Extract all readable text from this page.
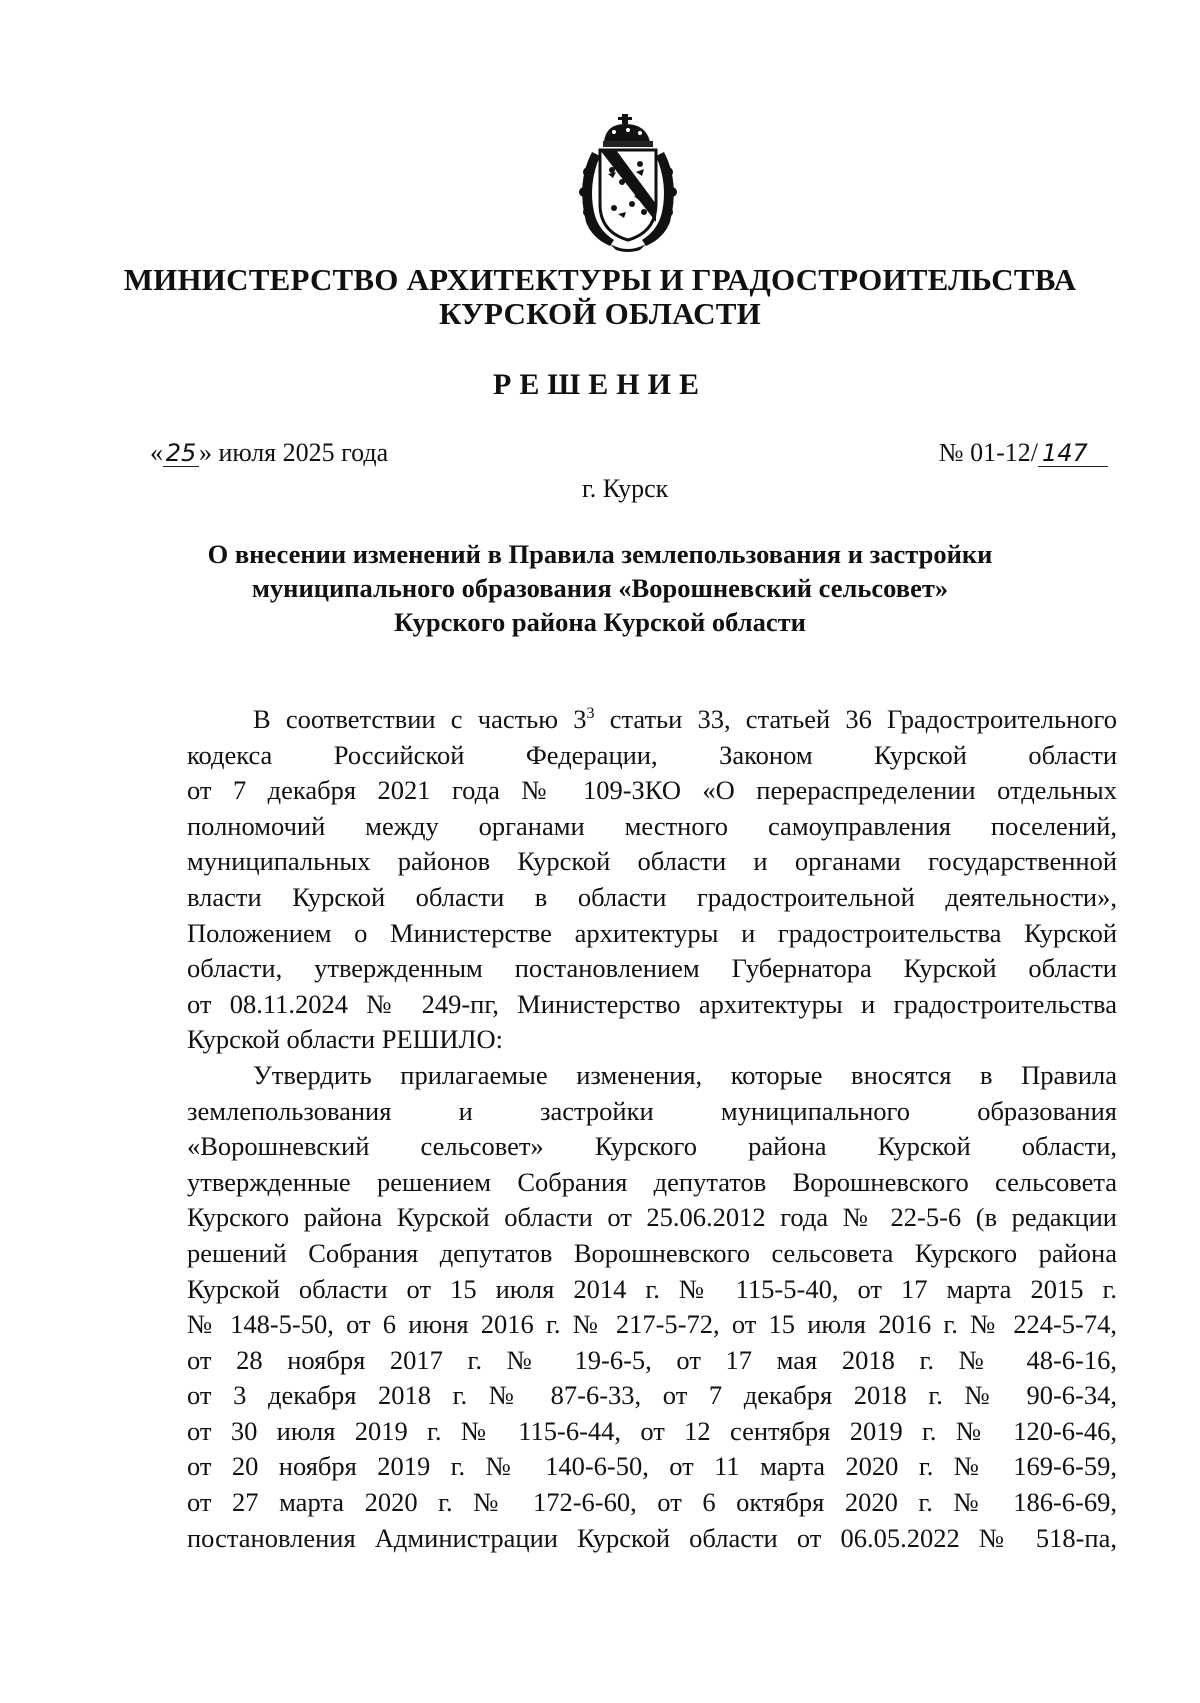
МИНИСТЕРСТВО АРХИТЕКТУРЫ И ГРАДОСТРОИТЕЛЬСТВА
КУРСКОЙ ОБЛАСТИ
РЕШЕНИЕ
« 25 » июля 2025 года	№ 01-12/ 147
г. Курск
О внесении изменений в Правила землепользования и застройки
муниципального образования «Ворошневский сельсовет»
Курского района Курской области
В соответствии с частью $3^3$ статьи 33, статьей 36 Градостроительного
кодекса Российской Федерации, Законом Курской области
от 7 декабря 2021 года № 109-ЗКО «О перераспределении отдельных
полномочий между органами местного самоуправления поселений,
муниципальных районов Курской области и органами государственной
власти Курской области в области градостроительной деятельности»,
Положением о Министерстве архитектуры и градостроительства Курской
области, утвержденным постановлением Губернатора Курской области
от 08.11.2024 № 249-пг, Министерство архитектуры и градостроительства
Курской области РЕШИЛО:
Утвердить прилагаемые изменения, которые вносятся в Правила
землепользования и застройки муниципального образования
«Ворошневский сельсовет» Курского района Курской области,
утвержденные решением Собрания депутатов Ворошневского сельсовета
Курского района Курской области от 25.06.2012 года № 22-5-6 (в редакции
решений Собрания депутатов Ворошневского сельсовета Курского района
Курской области от 15 июля 2014 г. № 115-5-40, от 17 марта 2015 г.
№ 148-5-50, от 6 июня 2016 г. № 217-5-72, от 15 июля 2016 г. № 224-5-74,
от 28 ноября 2017 г. № 19-6-5, от 17 мая 2018 г. № 48-6-16,
от 3 декабря 2018 г. № 87-6-33, от 7 декабря 2018 г. № 90-6-34,
от 30 июля 2019 г. № 115-6-44, от 12 сентября 2019 г. № 120-6-46,
от 20 ноября 2019 г. № 140-6-50, от 11 марта 2020 г. № 169-6-59,
от 27 марта 2020 г. № 172-6-60, от 6 октября 2020 г. № 186-6-69,
постановления Администрации Курской области от 06.05.2022 № 518-па,
